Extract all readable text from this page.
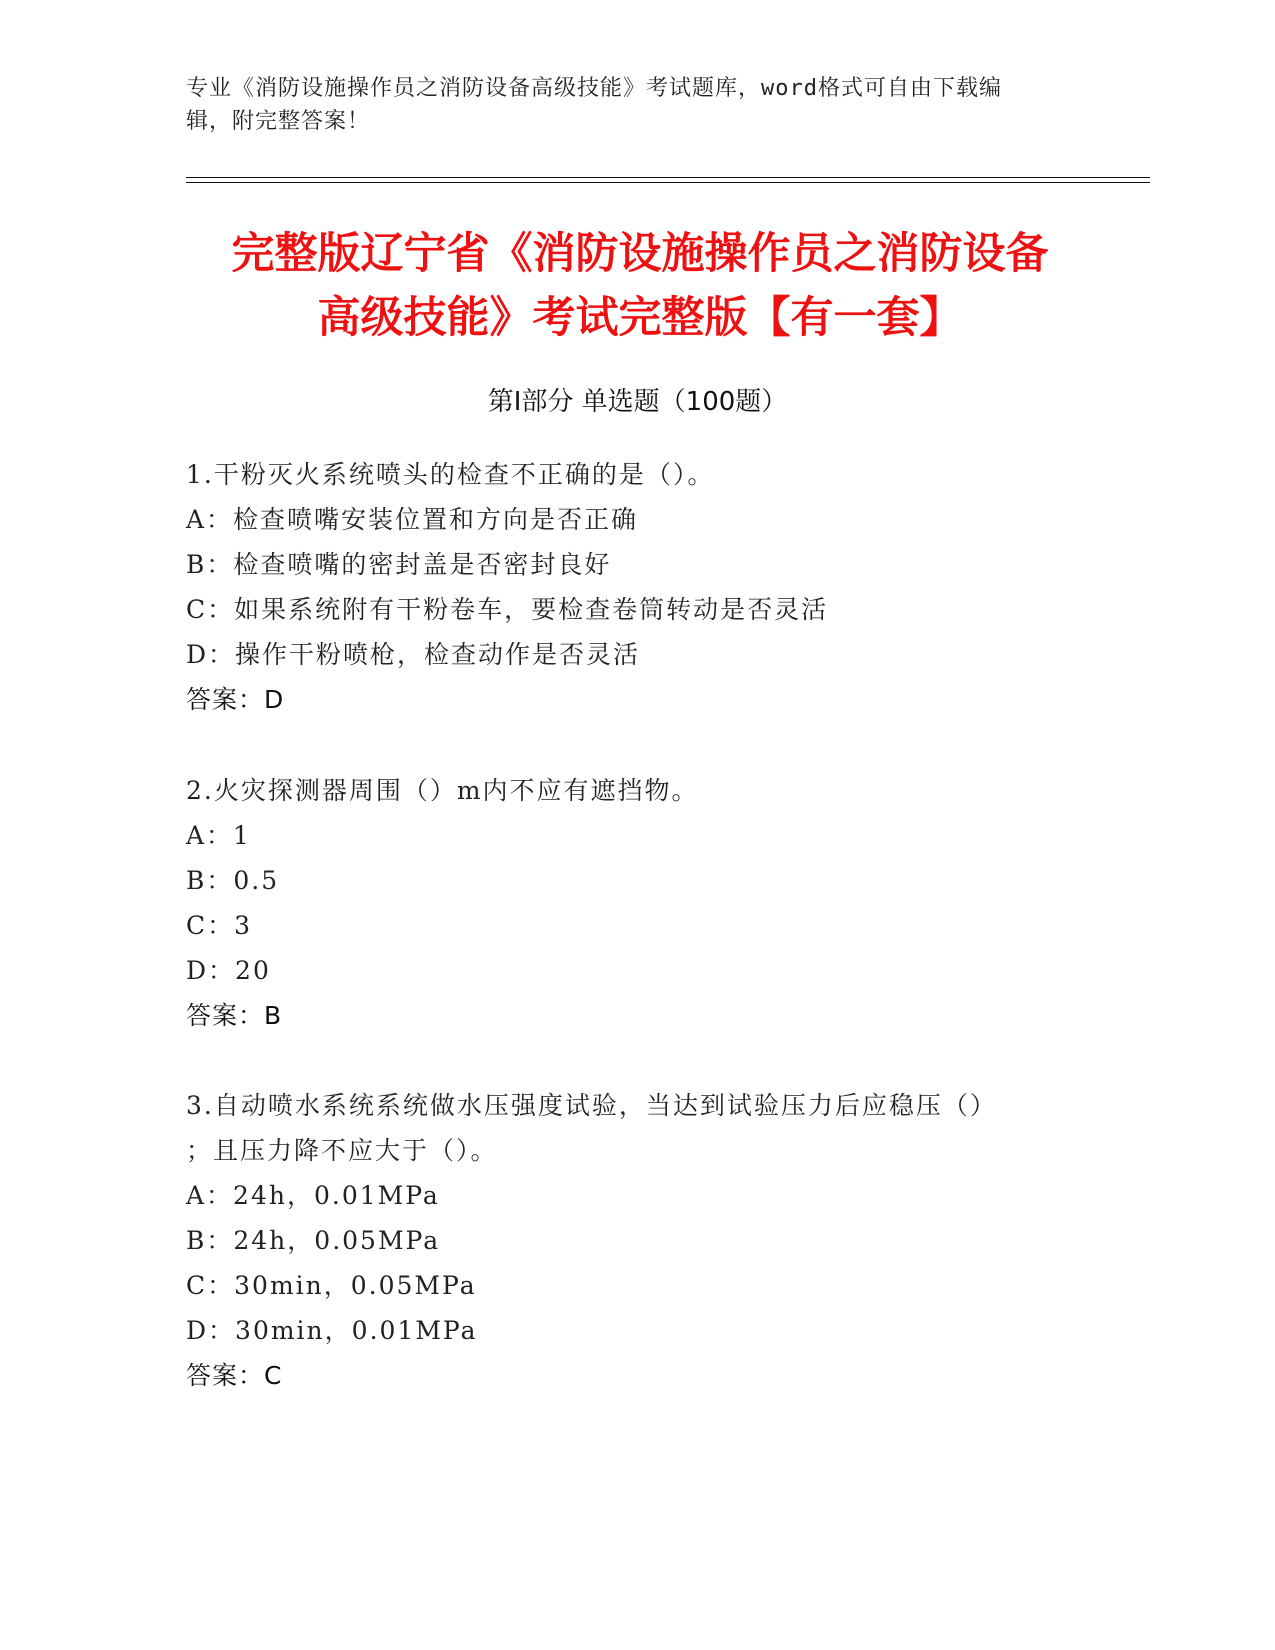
专业《消防设施操作员之消防设备高级技能》考试题库，word格式可自由下载编
辑，附完整答案！
完整版辽宁省《消防设施操作员之消防设备
高级技能》考试完整版【有一套】
第Ⅰ部分 单选题（100题）
1.干粉灭火系统喷头的检查不正确的是（）。
A：检查喷嘴安装位置和方向是否正确
B：检查喷嘴的密封盖是否密封良好
C：如果系统附有干粉卷车，要检查卷筒转动是否灵活
D：操作干粉喷枪，检查动作是否灵活
答案：D
2.火灾探测器周围（）m内不应有遮挡物。
A：1
B：0.5
C：3
D：20
答案：B
3.自动喷水系统系统做水压强度试验，当达到试验压力后应稳压（）
；且压力降不应大于（）。
A：24h，0.01MPa
B：24h，0.05MPa
C：30min，0.05MPa
D：30min，0.01MPa
答案：C
